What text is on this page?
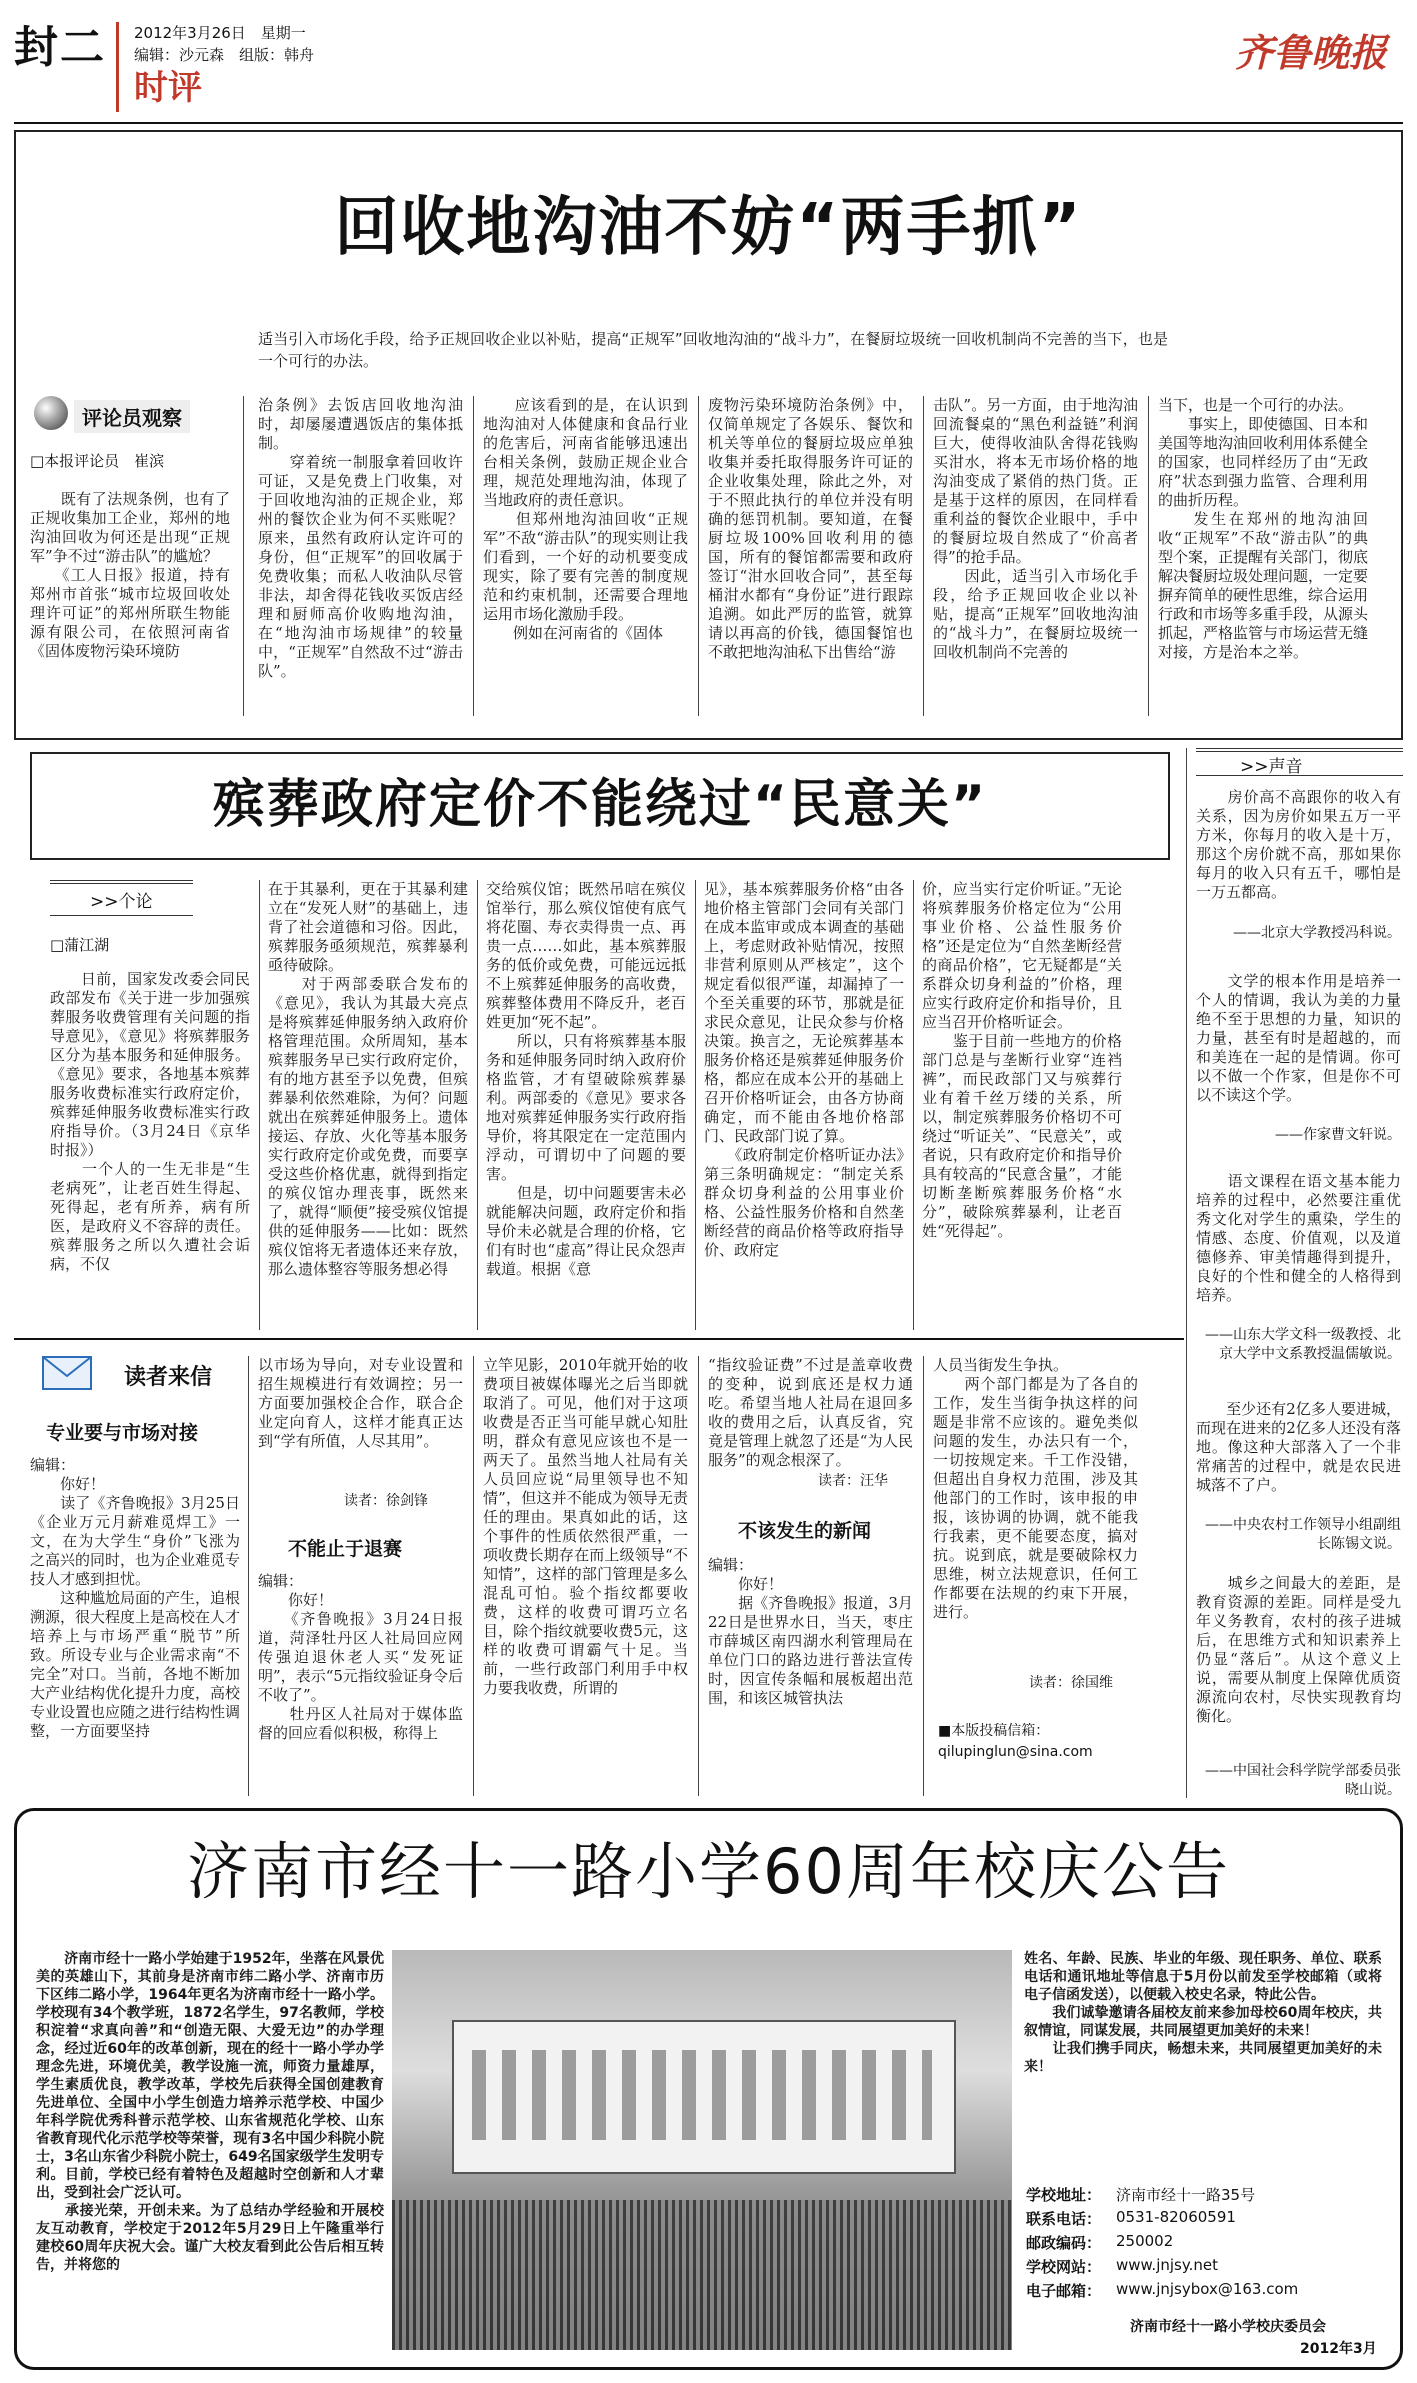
封二 2012年3月26日　星期一
编辑：沙元森　组版：韩舟
时评
齐鲁晚报
回收地沟油不妨“两手抓”
适当引入市场化手段，给予正规回收企业以补贴，提高“正规军”回收地沟油的“战斗力”，在餐厨垃圾统一回收机制尚不完善的当下，也是一个可行的办法。
评论员观察
□本报评论员　崔滨
　　既有了法规条例，也有了正规收集加工企业，郑州的地沟油回收为何还是出现“正规军”争不过“游击队”的尴尬？
　　《工人日报》报道，持有郑州市首张“城市垃圾回收处理许可证”的郑州所联生物能源有限公司，在依照河南省《固体废物污染环境防
治条例》去饭店回收地沟油时，却屡屡遭遇饭店的集体抵制。
　　穿着统一制服拿着回收许可证，又是免费上门收集，对于回收地沟油的正规企业，郑州的餐饮企业为何不买账呢？原来，虽然有政府认定许可的身份，但“正规军”的回收属于免费收集；而私人收油队尽管非法，却舍得花钱收买饭店经理和厨师高价收购地沟油，在“地沟油市场规律”的较量中，“正规军”自然敌不过“游击队”。
　　应该看到的是，在认识到地沟油对人体健康和食品行业的危害后，河南省能够迅速出台相关条例，鼓励正规企业合理，规范处理地沟油，体现了当地政府的责任意识。
　　但郑州地沟油回收“正规军”不敌“游击队”的现实则让我们看到，一个好的动机要变成现实，除了要有完善的制度规范和约束机制，还需要合理地运用市场化激励手段。
　　例如在河南省的《固体
废物污染环境防治条例》中，仅简单规定了各娱乐、餐饮和机关等单位的餐厨垃圾应单独收集并委托取得服务许可证的企业收集处理，除此之外，对于不照此执行的单位并没有明确的惩罚机制。要知道，在餐厨垃圾100%回收利用的德国，所有的餐馆都需要和政府签订“泔水回收合同”，甚至每桶泔水都有“身份证”进行跟踪追溯。如此严厉的监管，就算请以再高的价钱，德国餐馆也不敢把地沟油私下出售给“游
击队”。另一方面，由于地沟油回流餐桌的“黑色利益链”利润巨大，使得收油队舍得花钱购买泔水，将本无市场价格的地沟油变成了紧俏的热门货。正是基于这样的原因，在同样看重利益的餐饮企业眼中，手中的餐厨垃圾自然成了“价高者得”的抢手品。
　　因此，适当引入市场化手段，给予正规回收企业以补贴，提高“正规军”回收地沟油的“战斗力”，在餐厨垃圾统一回收机制尚不完善的
当下，也是一个可行的办法。
　　事实上，即使德国、日本和美国等地沟油回收利用体系健全的国家，也同样经历了由“无政府”状态到强力监管、合理利用的曲折历程。
　　发生在郑州的地沟油回收“正规军”不敌“游击队”的典型个案，正提醒有关部门，彻底解决餐厨垃圾处理问题，一定要摒弃简单的硬性思维，综合运用行政和市场等多重手段，从源头抓起，严格监管与市场运营无缝对接，方是治本之举。
>>声音
　　房价高不高跟你的收入有关系，因为房价如果五万一平方米，你每月的收入是十万，那这个房价就不高，那如果你每月的收入只有五千，哪怕是一万五都高。
——北京大学教授冯科说。
　　文学的根本作用是培养一个人的情调，我认为美的力量绝不至于思想的力量，知识的力量，甚至有时是超越的，而和美连在一起的是情调。你可以不做一个作家，但是你不可以不读这个学。
——作家曹文轩说。
　　语文课程在语文基本能力培养的过程中，必然要注重优秀文化对学生的熏染，学生的情感、态度、价值观，以及道德修养、审美情趣得到提升，良好的个性和健全的人格得到培养。
——山东大学文科一级教授、北京大学中文系教授温儒敏说。
　　至少还有2亿多人要进城，而现在进来的2亿多人还没有落地。像这种大部落入了一个非常痛苦的过程中，就是农民进城落不了户。
——中央农村工作领导小组副组长陈锡文说。
　　城乡之间最大的差距，是教育资源的差距。同样是受九年义务教育，农村的孩子进城后，在思维方式和知识素养上仍显“落后”。从这个意义上说，需要从制度上保障优质资源流向农村，尽快实现教育均衡化。
——中国社会科学院学部委员张晓山说。
殡葬政府定价不能绕过“民意关”
>>个论
□蒲江湖
　　日前，国家发改委会同民政部发布《关于进一步加强殡葬服务收费管理有关问题的指导意见》，《意见》将殡葬服务区分为基本服务和延伸服务。《意见》要求，各地基本殡葬服务收费标准实行政府定价，殡葬延伸服务收费标准实行政府指导价。（3月24日《京华时报》）
　　一个人的一生无非是“生老病死”，让老百姓生得起、死得起，老有所养，病有所医，是政府义不容辞的责任。殡葬服务之所以久遭社会诟病，不仅
在于其暴利，更在于其暴利建立在“发死人财”的基础上，违背了社会道德和习俗。因此，殡葬服务亟须规范，殡葬暴利亟待破除。
　　对于两部委联合发布的《意见》，我认为其最大亮点是将殡葬延伸服务纳入政府价格管理范围。众所周知，基本殡葬服务早已实行政府定价，有的地方甚至予以免费，但殡葬暴利依然难除，为何？问题就出在殡葬延伸服务上。遗体接运、存放、火化等基本服务实行政府定价或免费，而要享受这些价格优惠，就得到指定的殡仪馆办理丧事，既然来了，就得“顺便”接受殡仪馆提供的延伸服务——比如：既然殡仪馆将无者遗体还来存放，那么遗体整容等服务想必得
交给殡仪馆；既然吊唁在殡仪馆举行，那么殡仪馆使有底气将花圈、寿衣卖得贵一点、再贵一点……如此，基本殡葬服务的低价或免费，可能远远抵不上殡葬延伸服务的高收费，殡葬整体费用不降反升，老百姓更加“死不起”。
　　所以，只有将殡葬基本服务和延伸服务同时纳入政府价格监管，才有望破除殡葬暴利。两部委的《意见》要求各地对殡葬延伸服务实行政府指导价，将其限定在一定范围内浮动，可谓切中了问题的要害。
　　但是，切中问题要害未必就能解决问题，政府定价和指导价未必就是合理的价格，它们有时也“虚高”得让民众怨声载道。根据《意
见》，基本殡葬服务价格“由各地价格主管部门会同有关部门在成本监审或成本调查的基础上，考虑财政补贴情况，按照非营利原则从严核定”，这个规定看似很严谨，却漏掉了一个至关重要的环节，那就是征求民众意见，让民众参与价格决策。换言之，无论殡葬基本服务价格还是殡葬延伸服务价格，都应在成本公开的基础上召开价格听证会，由各方协商确定，而不能由各地价格部门、民政部门说了算。
　　《政府制定价格听证办法》第三条明确规定：“制定关系群众切身利益的公用事业价格、公益性服务价格和自然垄断经营的商品价格等政府指导价、政府定
价，应当实行定价听证。”无论将殡葬服务价格定位为“公用事业价格、公益性服务价格”还是定位为“自然垄断经营的商品价格”，它无疑都是“关系群众切身利益的”价格，理应实行政府定价和指导价，且应当召开价格听证会。
　　鉴于目前一些地方的价格部门总是与垄断行业穿“连裆裤”，而民政部门又与殡葬行业有着千丝万缕的关系，所以，制定殡葬服务价格切不可绕过“听证关”、“民意关”，或者说，只有政府定价和指导价具有较高的“民意含量”，才能切断垄断殡葬服务价格“水分”，破除殡葬暴利，让老百姓“死得起”。
读者来信
专业要与市场对接
编辑：
　　你好！
　　读了《齐鲁晚报》3月25日《企业万元月薪难觅焊工》一文，在为大学生“身价”飞涨为之高兴的同时，也为企业难觅专技人才感到担忧。
　　这种尴尬局面的产生，追根溯源，很大程度上是高校在人才培养上与市场严重“脱节”所致。所设专业与企业需求南“不完全”对口。当前，各地不断加大产业结构优化提升力度，高校专业设置也应随之进行结构性调整，一方面要坚持
以市场为导向，对专业设置和招生规模进行有效调控；另一方面要加强校企合作，联合企业定向育人，这样才能真正达到“学有所值，人尽其用”。
读者：徐剑锋
不能止于退赛
编辑：
　　你好！
　　《齐鲁晚报》3月24日报道，菏泽牡丹区人社局回应网传强迫退休老人买“发死证明”，表示“5元指纹验证身令后不收了”。
　　牡丹区人社局对于媒体监督的回应看似积极，称得上
立竿见影，2010年就开始的收费项目被媒体曝光之后当即就取消了。可见，他们对于这项收费是否正当可能早就心知肚明，群众有意见应该也不是一两天了。虽然当地人社局有关人员回应说“局里领导也不知情”，但这并不能成为领导无责任的理由。果真如此的话，这个事件的性质依然很严重，一项收费长期存在而上级领导“不知情”，这样的部门管理是多么混乱可怕。验个指纹都要收费，这样的收费可谓巧立名目，除个指纹就要收费5元，这样的收费可谓霸气十足。当前，一些行政部门利用手中权力要我收费，所谓的
“指纹验证费”不过是盖章收费的变种，说到底还是权力通吃。希望当地人社局在退回多收的费用之后，认真反省，究竟是管理上就忽了还是“为人民服务”的观念根深了。
读者：汪华
不该发生的新闻
编辑：
　　你好！
　　据《齐鲁晚报》报道，3月22日是世界水日，当天，枣庄市薛城区南四湖水利管理局在单位门口的路边进行普法宣传时，因宣传条幅和展板超出范围，和该区城管执法
人员当街发生争执。
　　两个部门都是为了各自的工作，发生当街争执这样的问题是非常不应该的。避免类似问题的发生，办法只有一个，一切按规定来。千工作没错，但超出自身权力范围，涉及其他部门的工作时，该申报的申报，该协调的协调，就不能我行我素，更不能要态度，搞对抗。说到底，就是要破除权力思维，树立法规意识，任何工作都要在法规的约束下开展，进行。
读者：徐国维
■本版投稿信箱：
qilupinglun@sina.com
济南市经十一路小学60周年校庆公告
　　济南市经十一路小学始建于1952年，坐落在风景优美的英雄山下，其前身是济南市纬二路小学、济南市历下区纬二路小学，1964年更名为济南市经十一路小学。学校现有34个教学班，1872名学生，97名教师，学校积淀着“求真向善”和“创造无限、大爱无边”的办学理念，经过近60年的改革创新，现在的经十一路小学办学理念先进，环境优美，教学设施一流，师资力量雄厚，学生素质优良，教学改革，学校先后获得全国创建教育先进单位、全国中小学生创造力培养示范学校、中国少年科学院优秀科普示范学校、山东省规范化学校、山东省教育现代化示范学校等荣誉，现有3名中国少科院小院士，3名山东省少科院小院士，649名国家级学生发明专利。目前，学校已经有着特色及超越时空创新和人才辈出，受到社会广泛认可。
　　承接光荣，开创未来。为了总结办学经验和开展校友互动教育，学校定于2012年5月29日上午隆重举行建校60周年庆祝大会。谨广大校友看到此公告后相互转告，并将您的
姓名、年龄、民族、毕业的年级、现任职务、单位、联系电话和通讯地址等信息于5月份以前发至学校邮箱（或将电子信函发送），以便载入校史名录，特此公告。
　　我们诚挚邀请各届校友前来参加母校60周年校庆，共叙情谊，同谋发展，共同展望更加美好的未来！
　　让我们携手同庆，畅想未来，共同展望更加美好的未来！
学校地址： 济南市经十一路35号
联系电话： 0531-82060591
邮政编码： 250002
学校网站： www.jnjsy.net
电子邮箱： www.jnjsybox@163.com
济南市经十一路小学校庆委员会
2012年3月
